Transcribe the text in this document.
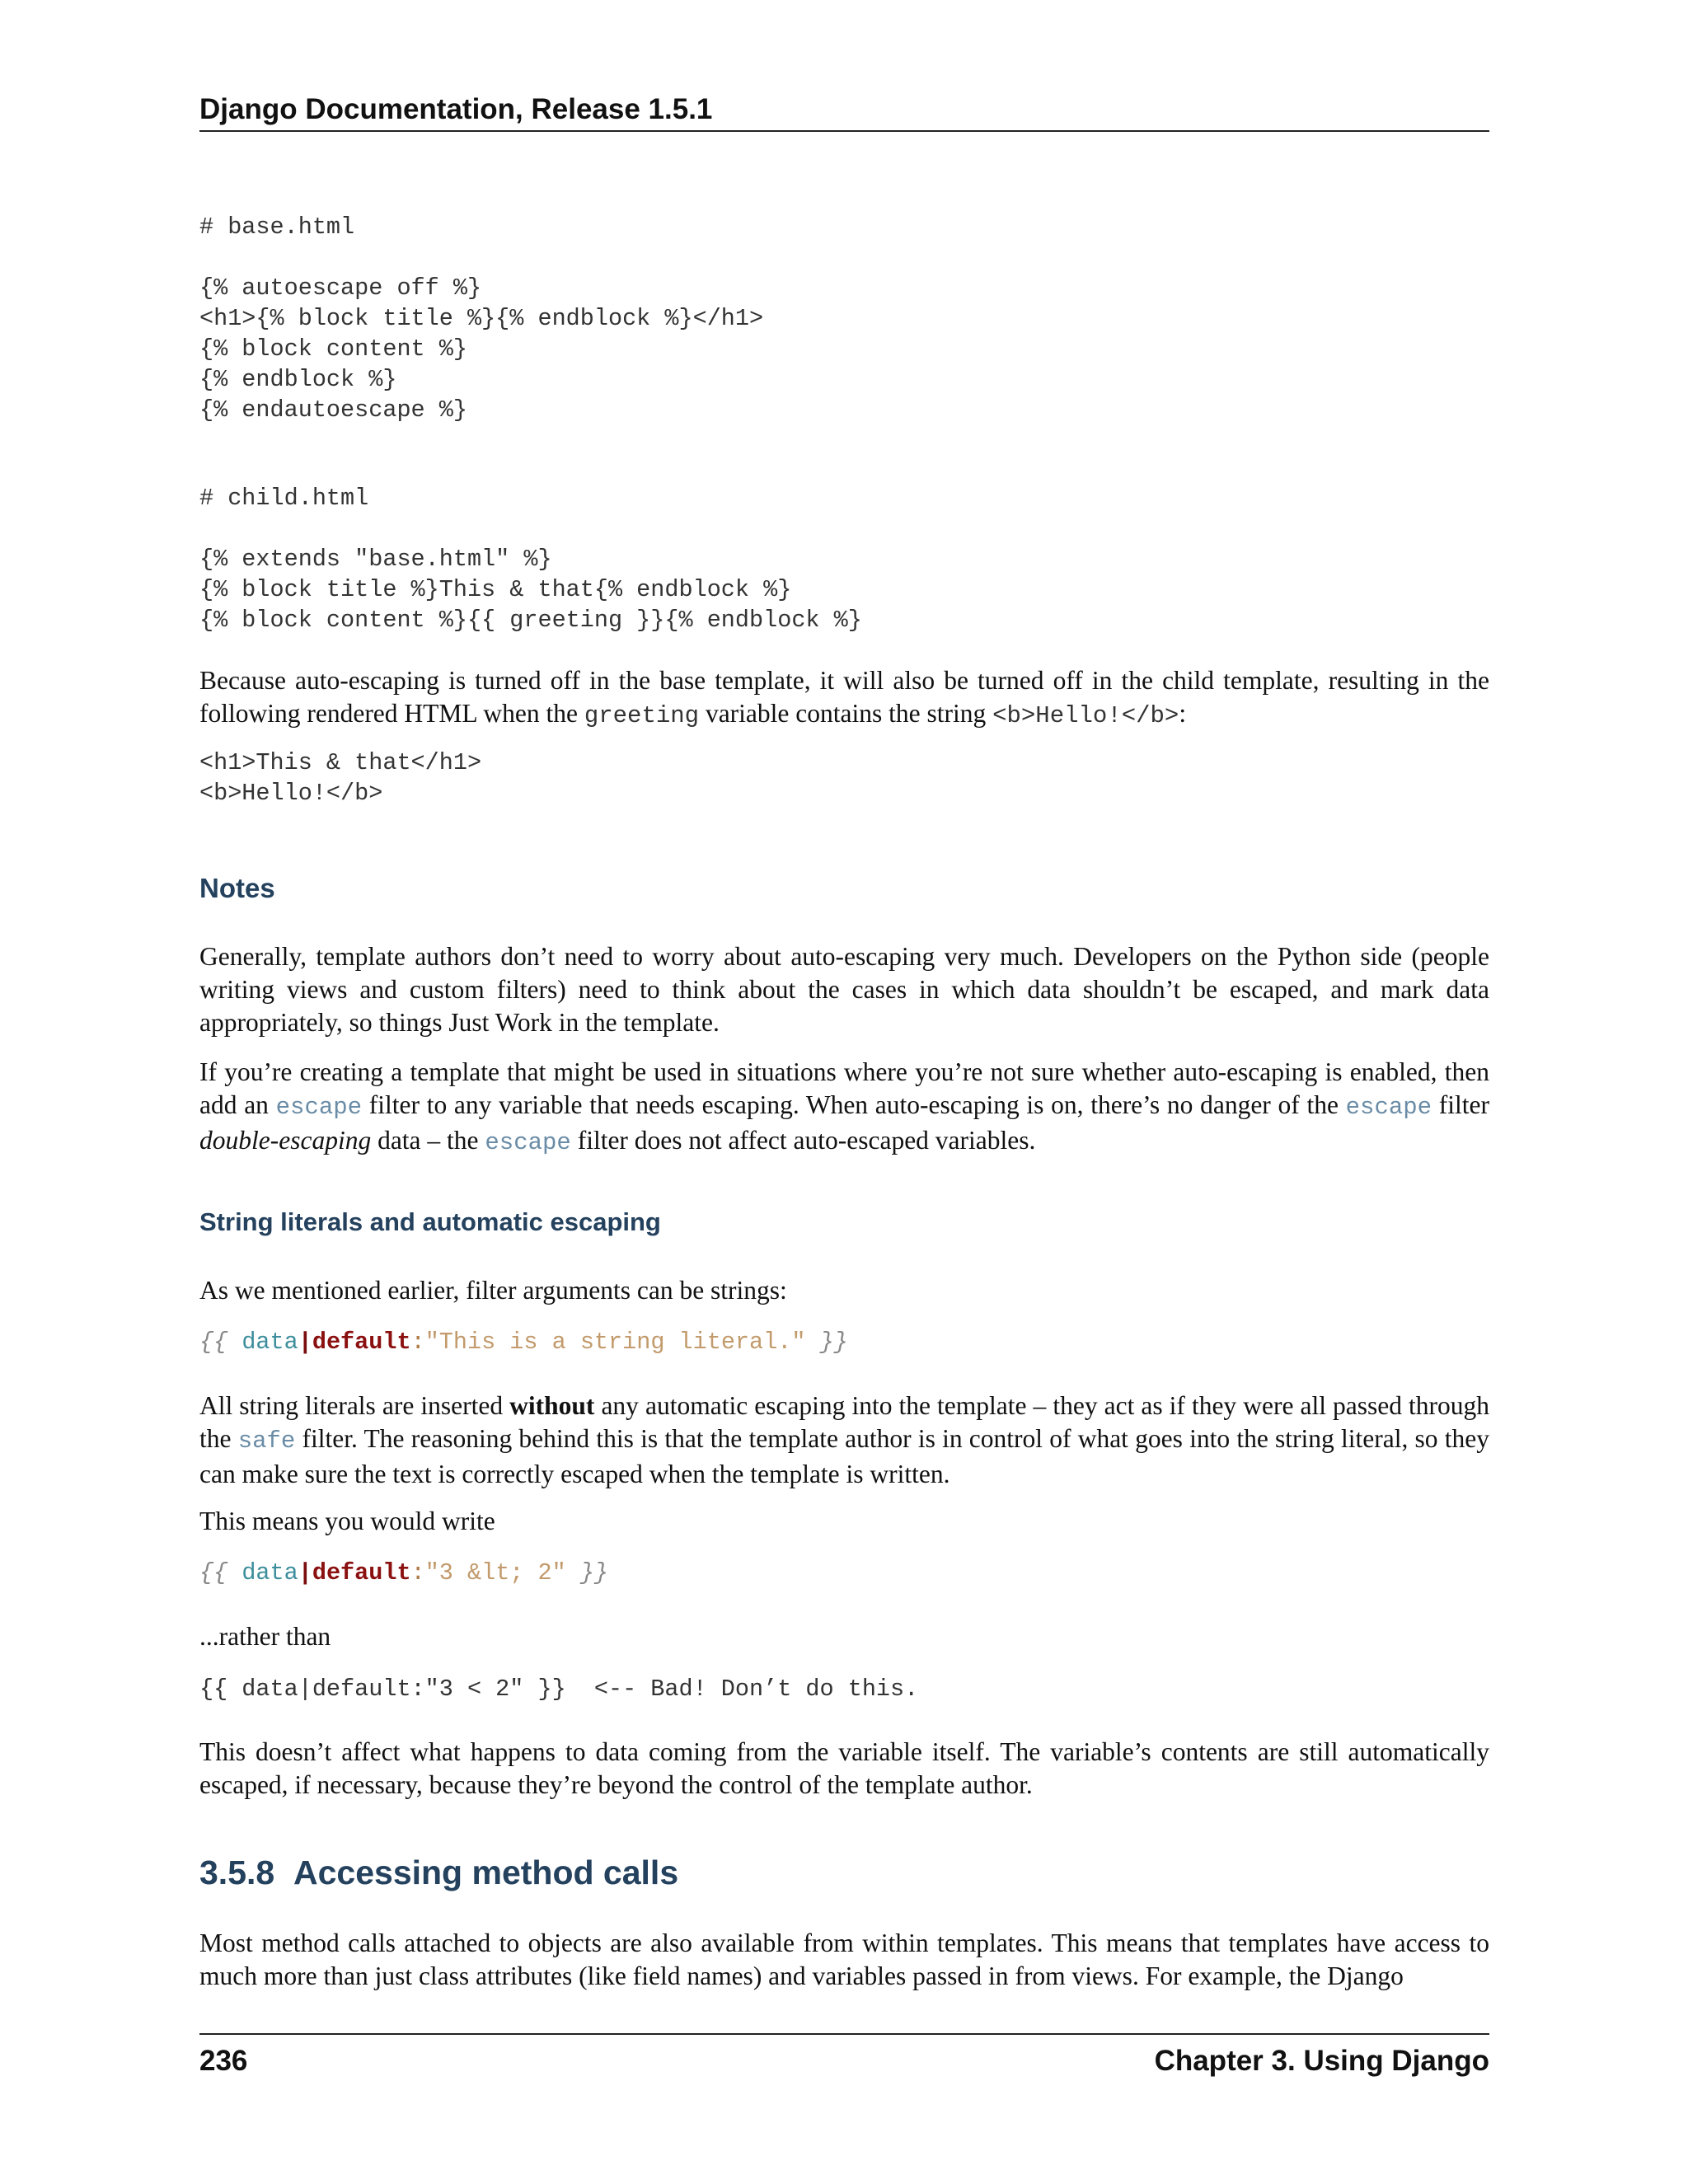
Django Documentation, Release 1.5.1
# base.html

{% autoescape off %}
<h1>{% block title %}{% endblock %}</h1>
{% block content %}
{% endblock %}
{% endautoescape %}
# child.html

{% extends "base.html" %}
{% block title %}This & that{% endblock %}
{% block content %}{{ greeting }}{% endblock %}

Because auto-escaping is turned off in the base template, it will also be turned off in the child template, resulting in the following rendered HTML when the greeting variable contains the string <b>Hello!</b>:

<h1>This & that</h1>
<b>Hello!</b>
Notes

Generally, template authors don’t need to worry about auto-escaping very much. Developers on the Python side (people writing views and custom filters) need to think about the cases in which data shouldn’t be escaped, and mark data appropriately, so things Just Work in the template.

If you’re creating a template that might be used in situations where you’re not sure whether auto-escaping is enabled, then add an escape filter to any variable that needs escaping. When auto-escaping is on, there’s no danger of the escape filter double-escaping data – the escape filter does not affect auto-escaped variables.

String literals and automatic escaping

As we mentioned earlier, filter arguments can be strings:

{{ data|default:"This is a string literal." }}

All string literals are inserted without any automatic escaping into the template – they act as if they were all passed through the safe filter. The reasoning behind this is that the template author is in control of what goes into the string literal, so they can make sure the text is correctly escaped when the template is written.

This means you would write

{{ data|default:"3 &lt; 2" }}

...rather than

{{ data|default:"3 < 2" }}  <-- Bad! Don’t do this.

This doesn’t affect what happens to data coming from the variable itself. The variable’s contents are still automatically escaped, if necessary, because they’re beyond the control of the template author.

3.5.8 Accessing method calls

Most method calls attached to objects are also available from within templates. This means that templates have access to much more than just class attributes (like field names) and variables passed in from views. For example, the Django

236	Chapter 3. Using Django
